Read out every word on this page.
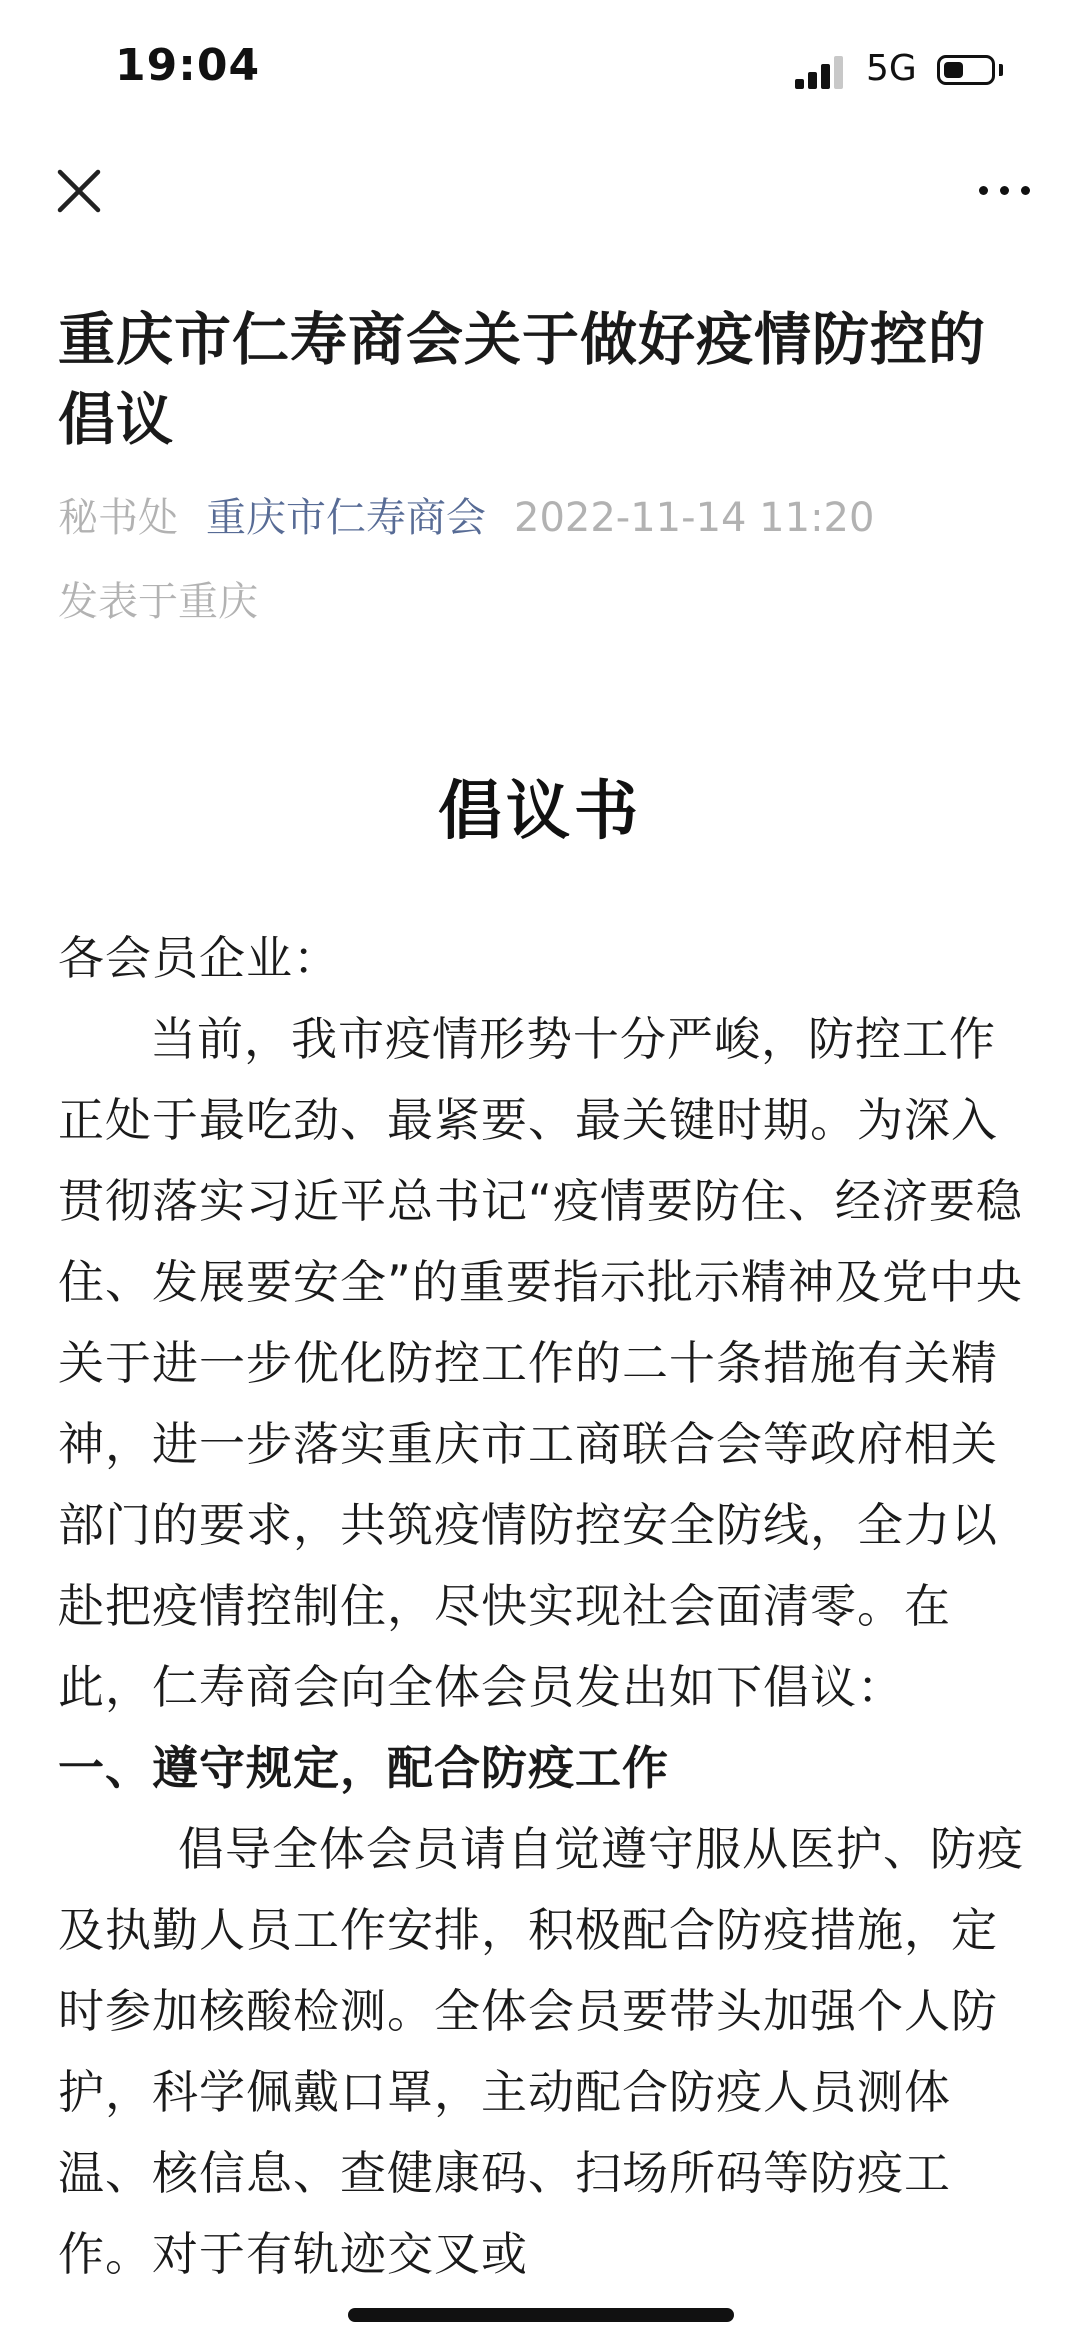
19:04	5G
重庆市仁寿商会关于做好疫情防控的倡议
秘书处 重庆市仁寿商会 2022-11-14 11:20
发表于重庆
倡议书

各会员企业：

当前，我市疫情形势十分严峻，防控工作正处于最吃劲、最紧要、最关键时期。为深入贯彻落实习近平总书记“疫情要防住、经济要稳住、发展要安全”的重要指示批示精神及党中央关于进一步优化防控工作的二十条措施有关精神，进一步落实重庆市工商联合会等政府相关部门的要求，共筑疫情防控安全防线，全力以赴把疫情控制住，尽快实现社会面清零。在此，仁寿商会向全体会员发出如下倡议：

一、遵守规定，配合防疫工作

倡导全体会员请自觉遵守服从医护、防疫及执勤人员工作安排，积极配合防疫措施，定时参加核酸检测。全体会员要带头加强个人防护，科学佩戴口罩，主动配合防疫人员测体温、核信息、查健康码、扫场所码等防疫工作。对于有轨迹交叉或
